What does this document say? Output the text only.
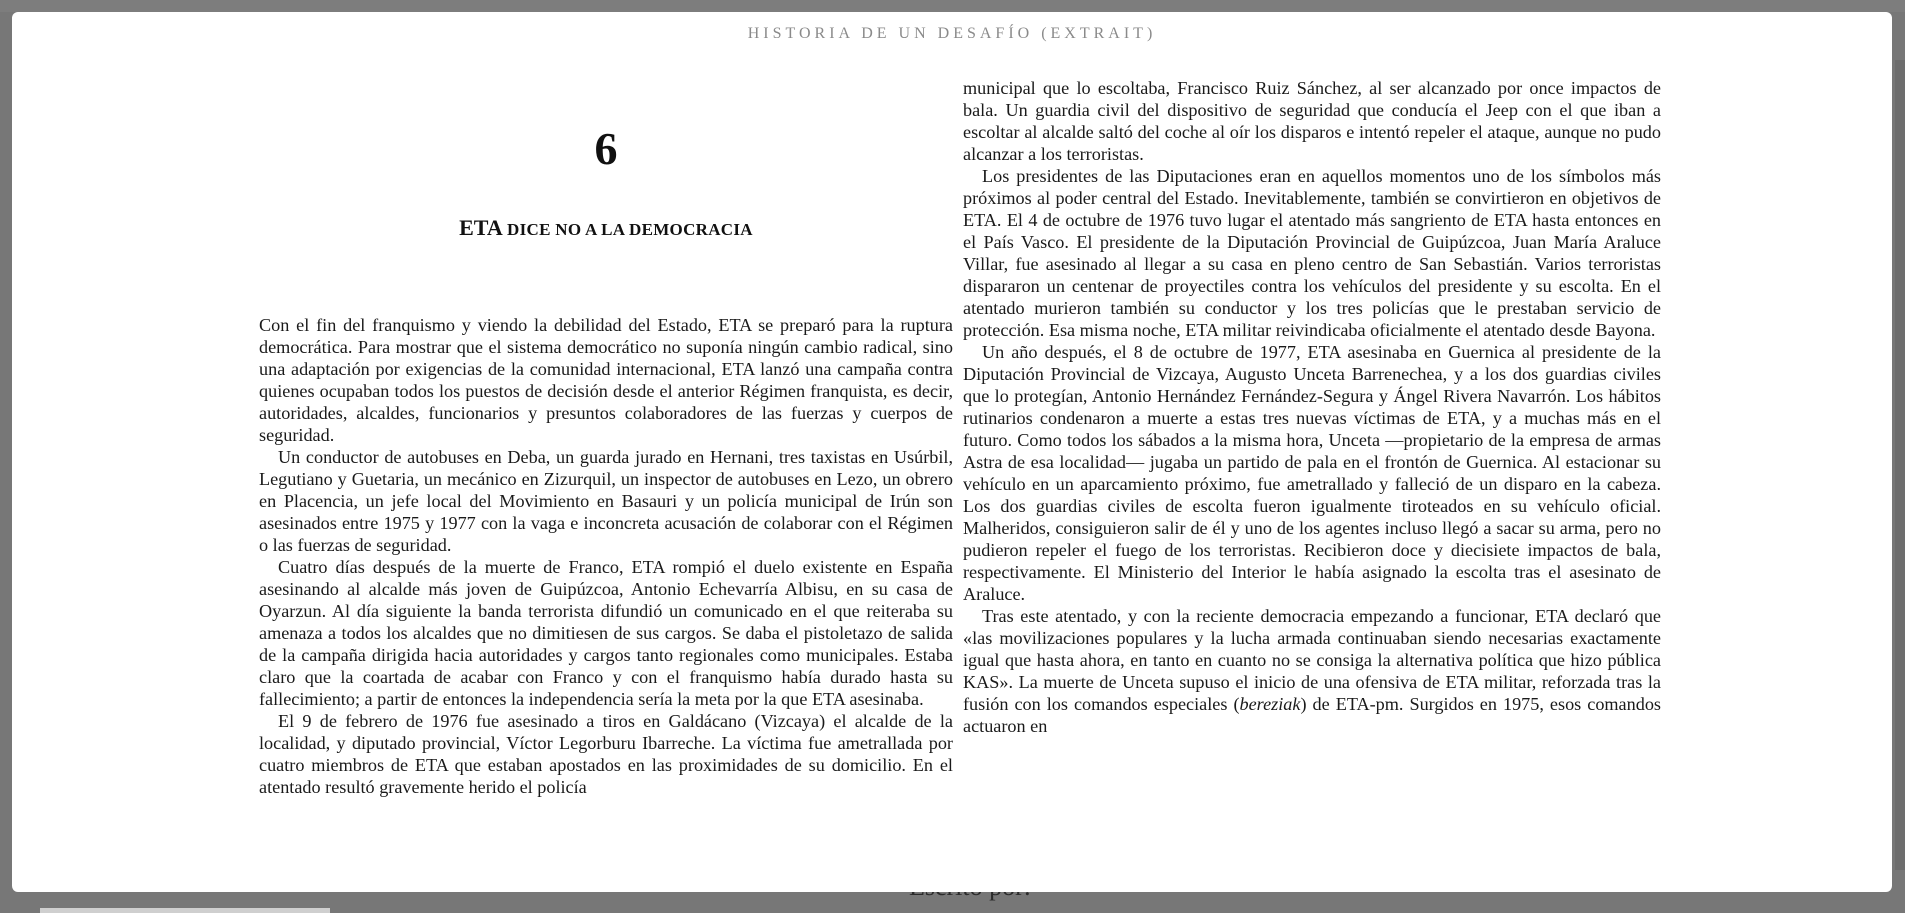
HISTORIA DE UN DESAFÍO (EXTRAIT)
6
ETA DICE NO A LA DEMOCRACIA

Con el fin del franquismo y viendo la debilidad del Estado, ETA se preparó para la ruptura democrática. Para mostrar que el sistema democrático no suponía ningún cambio radical, sino una adaptación por exigencias de la comunidad internacional, ETA lanzó una campaña contra quienes ocupaban todos los puestos de decisión desde el anterior Régimen franquista, es decir, autoridades, alcaldes, funcionarios y presuntos colaboradores de las fuerzas y cuerpos de seguridad.

Un conductor de autobuses en Deba, un guarda jurado en Hernani, tres taxistas en Usúrbil, Legutiano y Guetaria, un mecánico en Zizurquil, un inspector de autobuses en Lezo, un obrero en Placencia, un jefe local del Movimiento en Basauri y un policía municipal de Irún son asesinados entre 1975 y 1977 con la vaga e inconcreta acusación de colaborar con el Régimen o las fuerzas de seguridad.

Cuatro días después de la muerte de Franco, ETA rompió el duelo existente en España asesinando al alcalde más joven de Guipúzcoa, Antonio Echevarría Albisu, en su casa de Oyarzun. Al día siguiente la banda terrorista difundió un comunicado en el que reiteraba su amenaza a todos los alcaldes que no dimitiesen de sus cargos. Se daba el pistoletazo de salida de la campaña dirigida hacia autoridades y cargos tanto regionales como municipales. Estaba claro que la coartada de acabar con Franco y con el franquismo había durado hasta su fallecimiento; a partir de entonces la independencia sería la meta por la que ETA asesinaba.

El 9 de febrero de 1976 fue asesinado a tiros en Galdácano (Vizcaya) el alcalde de la localidad, y diputado provincial, Víctor Legorburu Ibarreche. La víctima fue ametrallada por cuatro miembros de ETA que estaban apostados en las proximidades de su domicilio. En el atentado resultó gravemente herido el policía

municipal que lo escoltaba, Francisco Ruiz Sánchez, al ser alcanzado por once impactos de bala. Un guardia civil del dispositivo de seguridad que conducía el Jeep con el que iban a escoltar al alcalde saltó del coche al oír los disparos e intentó repeler el ataque, aunque no pudo alcanzar a los terroristas.

Los presidentes de las Diputaciones eran en aquellos momentos uno de los símbolos más próximos al poder central del Estado. Inevitablemente, también se convirtieron en objetivos de ETA. El 4 de octubre de 1976 tuvo lugar el atentado más sangriento de ETA hasta entonces en el País Vasco. El presidente de la Diputación Provincial de Guipúzcoa, Juan María Araluce Villar, fue asesinado al llegar a su casa en pleno centro de San Sebastián. Varios terroristas dispararon un centenar de proyectiles contra los vehículos del presidente y su escolta. En el atentado murieron también su conductor y los tres policías que le prestaban servicio de protección. Esa misma noche, ETA militar reivindicaba oficialmente el atentado desde Bayona.

Un año después, el 8 de octubre de 1977, ETA asesinaba en Guernica al presidente de la Diputación Provincial de Vizcaya, Augusto Unceta Barrenechea, y a los dos guardias civiles que lo protegían, Antonio Hernández Fernández-Segura y Ángel Rivera Navarrón. Los hábitos rutinarios condenaron a muerte a estas tres nuevas víctimas de ETA, y a muchas más en el futuro. Como todos los sábados a la misma hora, Unceta —propietario de la empresa de armas Astra de esa localidad— jugaba un partido de pala en el frontón de Guernica. Al estacionar su vehículo en un aparcamiento próximo, fue ametrallado y falleció de un disparo en la cabeza. Los dos guardias civiles de escolta fueron igualmente tiroteados en su vehículo oficial. Malheridos, consiguieron salir de él y uno de los agentes incluso llegó a sacar su arma, pero no pudieron repeler el fuego de los terroristas. Recibieron doce y diecisiete impactos de bala, respectivamente. El Ministerio del Interior le había asignado la escolta tras el asesinato de Araluce.

Tras este atentado, y con la reciente democracia empezando a funcionar, ETA declaró que «las movilizaciones populares y la lucha armada continuaban siendo necesarias exactamente igual que hasta ahora, en tanto en cuanto no se consiga la alternativa política que hizo pública KAS». La muerte de Unceta supuso el inicio de una ofensiva de ETA militar, reforzada tras la fusión con los comandos especiales (bereziak) de ETA-pm. Surgidos en 1975, esos comandos actuaron en
